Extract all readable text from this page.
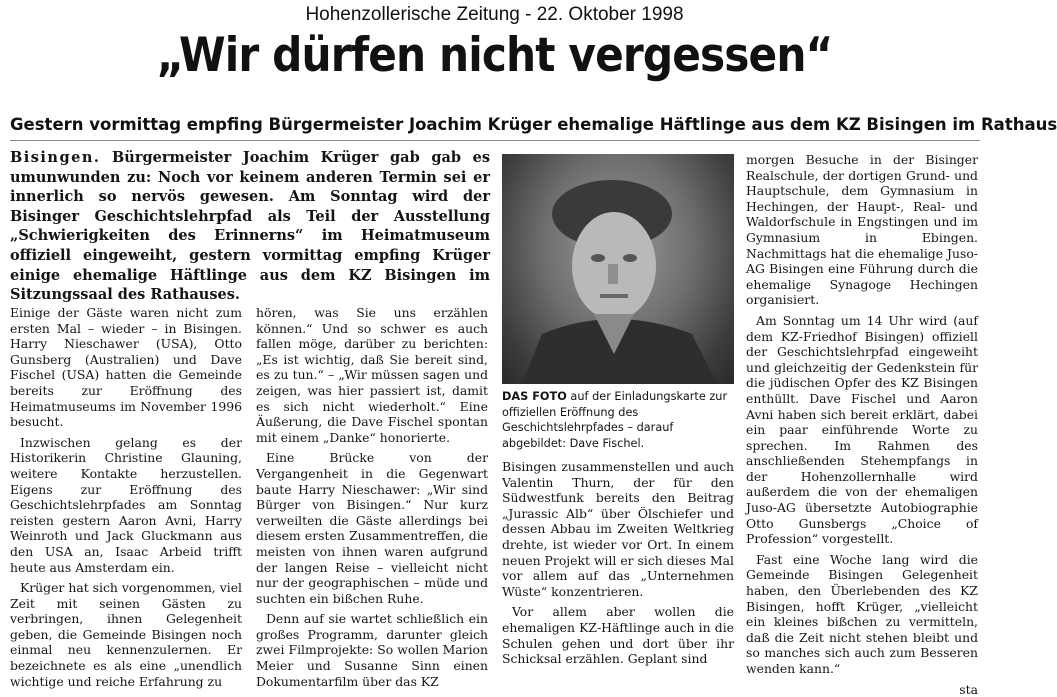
Hohenzollerische Zeitung - 22. Oktober 1998
„Wir dürfen nicht vergessen“
Gestern vormittag empfing Bürgermeister Joachim Krüger ehemalige Häftlinge aus dem KZ Bisingen im Rathaus
Bisingen. Bürgermeister Joachim Krüger gab gab es umunwunden zu: Noch vor keinem anderen Termin sei er innerlich so nervös gewesen. Am Sonntag wird der Bisinger Geschichtslehrpfad als Teil der Ausstellung „Schwierigkeiten des Erinnerns“ im Heimatmuseum offiziell eingeweiht, gestern vormittag empfing Krüger einige ehemalige Häftlinge aus dem KZ Bisingen im Sitzungssaal des Rathauses.

Einige der Gäste waren nicht zum ersten Mal – wieder – in Bisingen. Harry Nieschawer (USA), Otto Gunsberg (Australien) und Dave Fischel (USA) hatten die Gemeinde bereits zur Eröffnung des Heimatmuseums im November 1996 besucht.

Inzwischen gelang es der Historikerin Christine Glauning, weitere Kontakte herzustellen. Eigens zur Eröffnung des Geschichtslehrpfades am Sonntag reisten gestern Aaron Avni, Harry Weinroth und Jack Gluckmann aus den USA an, Isaac Arbeid trifft heute aus Amsterdam ein.

Krüger hat sich vorgenommen, viel Zeit mit seinen Gästen zu verbringen, ihnen Gelegenheit geben, die Gemeinde Bisingen noch einmal neu kennenzulernen. Er bezeichnete es als eine „unendlich wichtige und reiche Erfahrung zu

hören, was Sie uns erzählen können.“ Und so schwer es auch fallen möge, darüber zu berichten: „Es ist wichtig, daß Sie bereit sind, es zu tun.“ – „Wir müssen sagen und zeigen, was hier passiert ist, damit es sich nicht wiederholt.“ Eine Äußerung, die Dave Fischel spontan mit einem „Danke“ honorierte.

Eine Brücke von der Vergangenheit in die Gegenwart baute Harry Nieschawer: „Wir sind Bürger von Bisingen.“ Nur kurz verweilten die Gäste allerdings bei diesem ersten Zusammentreffen, die meisten von ihnen waren aufgrund der langen Reise – vielleicht nicht nur der geographischen – müde und suchten ein bißchen Ruhe.

Denn auf sie wartet schließlich ein großes Programm, darunter gleich zwei Filmprojekte: So wollen Marion Meier und Susanne Sinn einen Dokumentarfilm über das KZ

DAS FOTO auf der Einladungskarte zur offiziellen Eröffnung des Geschichtslehrpfades – darauf abgebildet: Dave Fischel.

Bisingen zusammenstellen und auch Valentin Thurn, der für den Südwestfunk bereits den Beitrag „Jurassic Alb“ über Ölschiefer und dessen Abbau im Zweiten Weltkrieg drehte, ist wieder vor Ort. In einem neuen Projekt will er sich dieses Mal vor allem auf das „Unternehmen Wüste“ konzentrieren.

Vor allem aber wollen die ehemaligen KZ-Häftlinge auch in die Schulen gehen und dort über ihr Schicksal erzählen. Geplant sind

morgen Besuche in der Bisinger Realschule, der dortigen Grund- und Hauptschule, dem Gymnasium in Hechingen, der Haupt-, Real- und Waldorfschule in Engstingen und im Gymnasium in Ebingen. Nachmittags hat die ehemalige Juso-AG Bisingen eine Führung durch die ehemalige Synagoge Hechingen organisiert.

Am Sonntag um 14 Uhr wird (auf dem KZ-Friedhof Bisingen) offiziell der Geschichtslehrpfad eingeweiht und gleichzeitig der Gedenkstein für die jüdischen Opfer des KZ Bisingen enthüllt. Dave Fischel und Aaron Avni haben sich bereit erklärt, dabei ein paar einführende Worte zu sprechen. Im Rahmen des anschließenden Stehempfangs in der Hohenzollernhalle wird außerdem die von der ehemaligen Juso-AG übersetzte Autobiographie Otto Gunsbergs „Choice of Profession“ vorgestellt.

Fast eine Woche lang wird die Gemeinde Bisingen Gelegenheit haben, den Überlebenden des KZ Bisingen, hofft Krüger, „vielleicht ein kleines bißchen zu vermitteln, daß die Zeit nicht stehen bleibt und so manches sich auch zum Besseren wenden kann.“

sta
